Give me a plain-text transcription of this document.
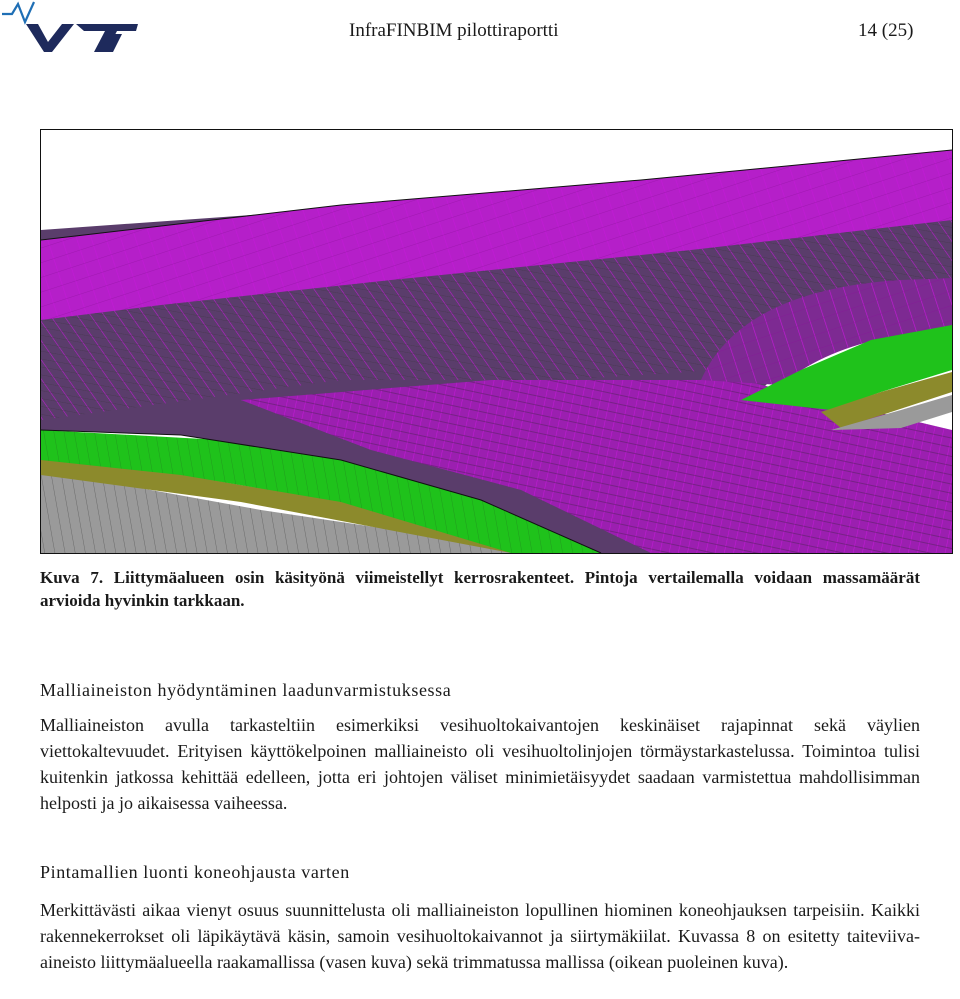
InfraFINBIM pilottiraportti	14 (25)
Kuva 7. Liittymäalueen osin käsityönä viimeistellyt kerrosrakenteet. Pintoja vertailemalla voidaan massamäärät arvioida hyvinkin tarkkaan.
Malliaineiston hyödyntäminen laadunvarmistuksessa

Malliaineiston avulla tarkasteltiin esimerkiksi vesihuoltokaivantojen keskinäiset rajapinnat sekä väylien viettokaltevuudet. Erityisen käyttökelpoinen malliaineisto oli vesihuoltolinjojen törmäystarkastelussa. Toimintoa tulisi kuitenkin jatkossa kehittää edelleen, jotta eri johtojen väliset minimietäisyydet saadaan varmistettua mahdollisimman helposti ja jo aikaisessa vaiheessa.

Pintamallien luonti koneohjausta varten

Merkittävästi aikaa vienyt osuus suunnittelusta oli malliaineiston lopullinen hiominen koneohjauksen tarpeisiin. Kaikki rakennekerrokset oli läpikäytävä käsin, samoin vesihuoltokaivannot ja siirtymäkiilat. Kuvassa 8 on esitetty taiteviiva-aineisto liittymäalueella raakamallissa (vasen kuva) sekä trimmatussa mallissa (oikean puoleinen kuva).
